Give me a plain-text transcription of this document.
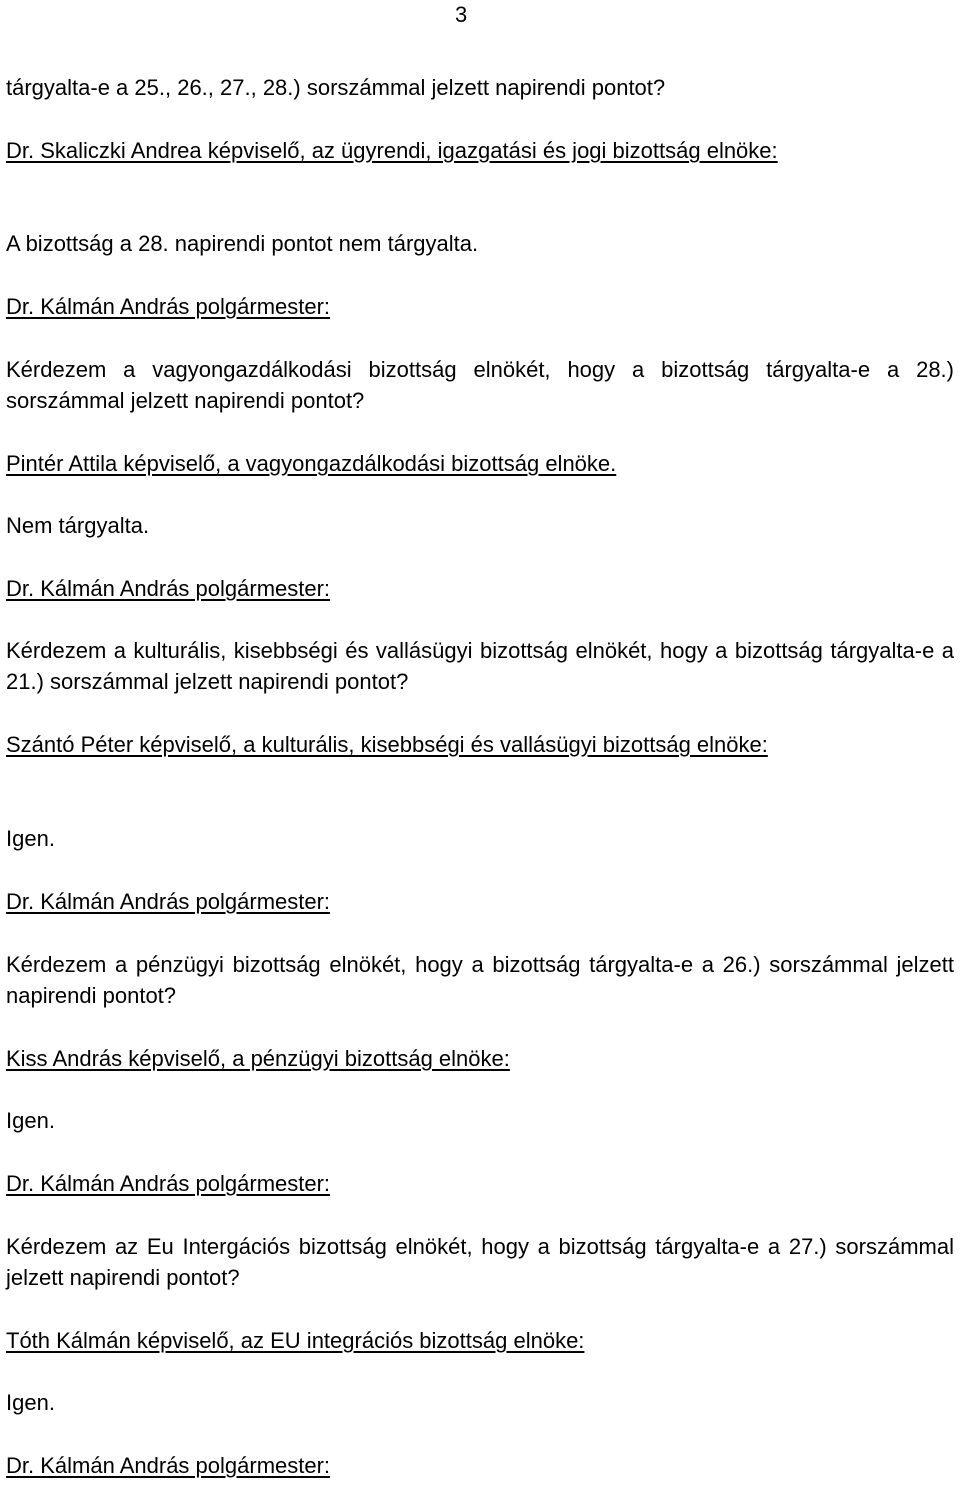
3

tárgyalta-e a 25., 26., 27., 28.) sorszámmal jelzett napirendi pontot?

Dr. Skaliczki Andrea képviselő, az ügyrendi, igazgatási és jogi bizottság elnöke:

A bizottság a 28. napirendi pontot nem tárgyalta.

Dr. Kálmán András polgármester:

Kérdezem a vagyongazdálkodási bizottság elnökét, hogy a bizottság tárgyalta-e a 28.) sorszámmal jelzett napirendi pontot?

Pintér Attila képviselő, a vagyongazdálkodási bizottság elnöke.

Nem tárgyalta.

Dr. Kálmán András polgármester:

Kérdezem a kulturális, kisebbségi és vallásügyi bizottság elnökét, hogy a bizottság tárgyalta-e a 21.) sorszámmal jelzett napirendi pontot?

Szántó Péter képviselő, a kulturális, kisebbségi és vallásügyi bizottság elnöke:

Igen.

Dr. Kálmán András polgármester:

Kérdezem a pénzügyi bizottság elnökét, hogy a bizottság tárgyalta-e a 26.) sorszámmal jelzett napirendi pontot?

Kiss András képviselő, a pénzügyi bizottság elnöke:

Igen.

Dr. Kálmán András polgármester:

Kérdezem az Eu Intergációs bizottság elnökét, hogy a bizottság tárgyalta-e a 27.) sorszámmal jelzett napirendi pontot?

Tóth Kálmán képviselő, az EU integrációs bizottság elnöke:

Igen.

Dr. Kálmán András polgármester:
